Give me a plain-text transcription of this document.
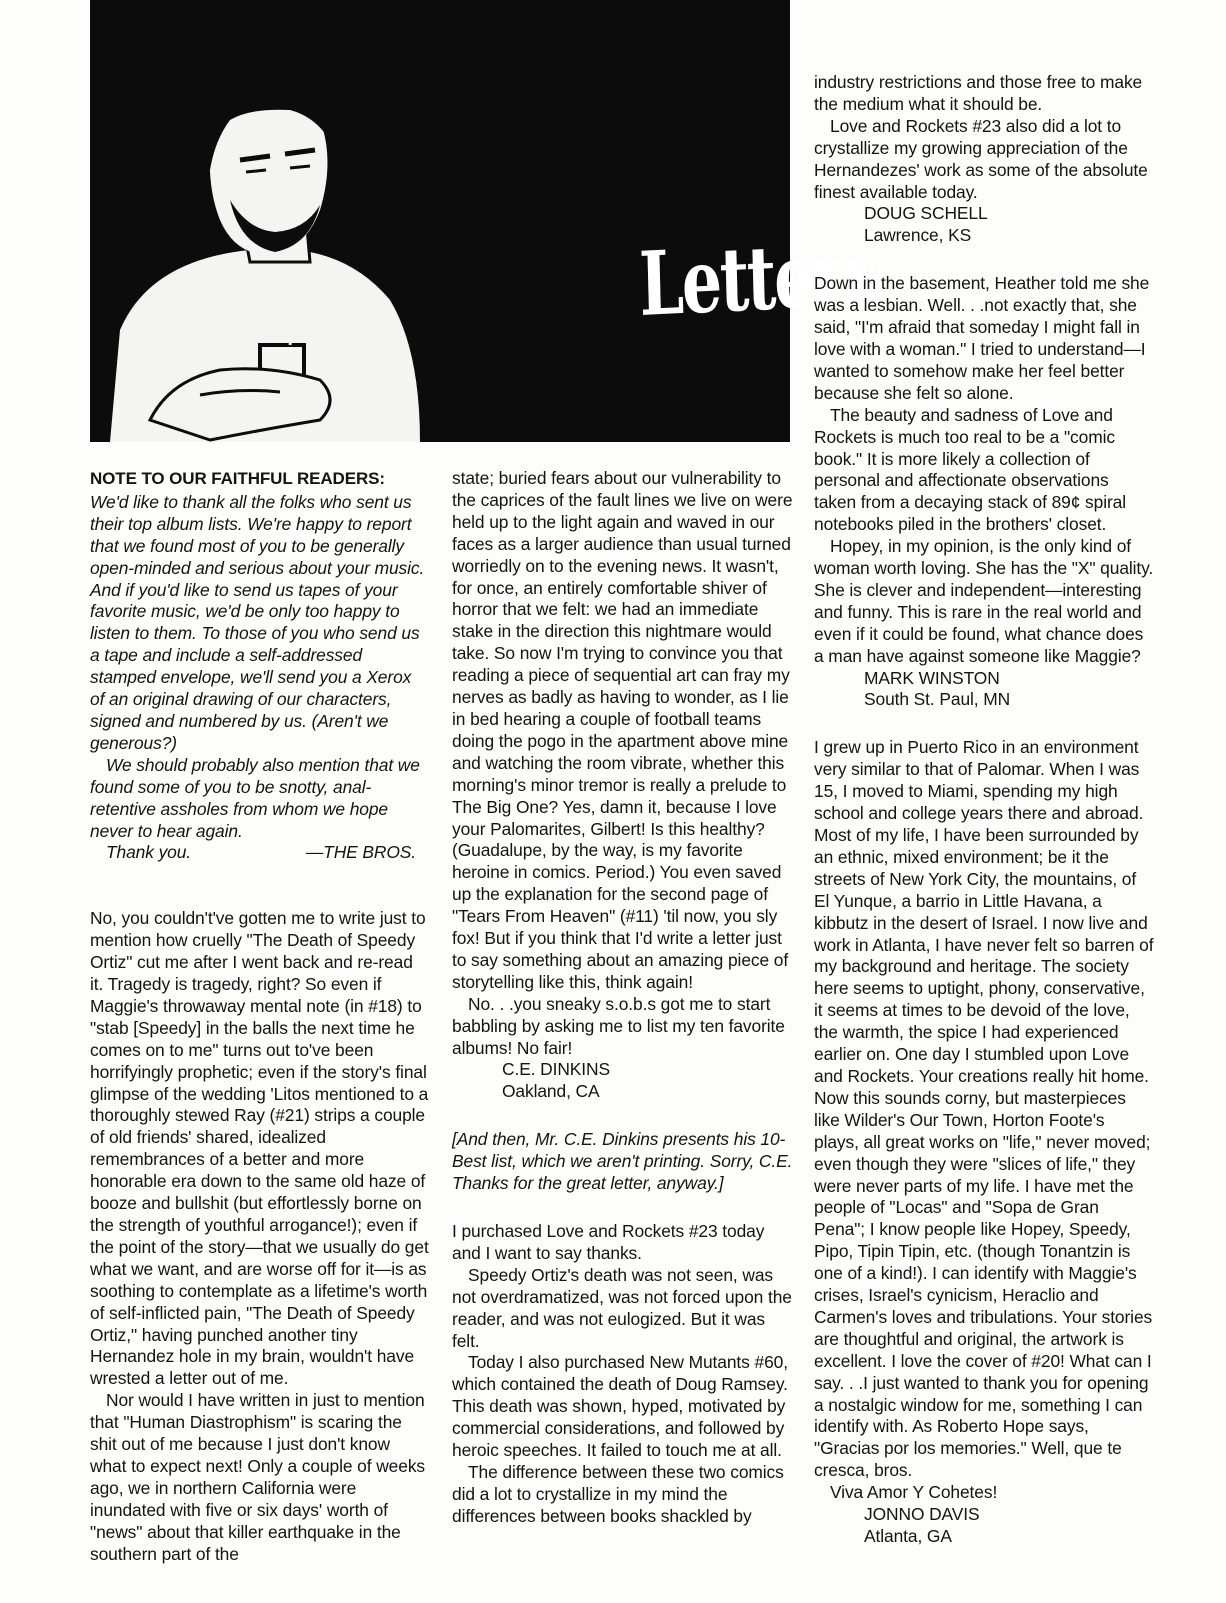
Letters

NOTE TO OUR FAITHFUL READERS:

We'd like to thank all the folks who sent us their top album lists. We're happy to report that we found most of you to be generally open-minded and serious about your music. And if you'd like to send us tapes of your favorite music, we'd be only too happy to listen to them. To those of you who send us a tape and include a self-addressed stamped envelope, we'll send you a Xerox of an original drawing of our characters, signed and numbered by us. (Aren't we generous?)

We should probably also mention that we found some of you to be snotty, anal-retentive assholes from whom we hope never to hear again.

Thank you.	—THE BROS.

No, you couldn't've gotten me to write just to mention how cruelly "The Death of Speedy Ortiz" cut me after I went back and re-read it. Tragedy is tragedy, right? So even if Maggie's throwaway mental note (in #18) to "stab [Speedy] in the balls the next time he comes on to me" turns out to've been horrifyingly prophetic; even if the story's final glimpse of the wedding 'Litos mentioned to a thoroughly stewed Ray (#21) strips a couple of old friends' shared, idealized remembrances of a better and more honorable era down to the same old haze of booze and bullshit (but effortlessly borne on the strength of youthful arrogance!); even if the point of the story—that we usually do get what we want, and are worse off for it—is as soothing to contemplate as a lifetime's worth of self-inflicted pain, "The Death of Speedy Ortiz," having punched another tiny Hernandez hole in my brain, wouldn't have wrested a letter out of me.

Nor would I have written in just to mention that "Human Diastrophism" is scaring the shit out of me because I just don't know what to expect next! Only a couple of weeks ago, we in northern California were inundated with five or six days' worth of "news" about that killer earthquake in the southern part of the

state; buried fears about our vulnerability to the caprices of the fault lines we live on were held up to the light again and waved in our faces as a larger audience than usual turned worriedly on to the evening news. It wasn't, for once, an entirely comfortable shiver of horror that we felt: we had an immediate stake in the direction this nightmare would take. So now I'm trying to convince you that reading a piece of sequential art can fray my nerves as badly as having to wonder, as I lie in bed hearing a couple of football teams doing the pogo in the apartment above mine and watching the room vibrate, whether this morning's minor tremor is really a prelude to The Big One? Yes, damn it, because I love your Palomarites, Gilbert! Is this healthy? (Guadalupe, by the way, is my favorite heroine in comics. Period.) You even saved up the explanation for the second page of "Tears From Heaven" (#11) 'til now, you sly fox! But if you think that I'd write a letter just to say something about an amazing piece of storytelling like this, think again!

No. . .you sneaky s.o.b.s got me to start babbling by asking me to list my ten favorite albums! No fair!

C.E. DINKINS

Oakland, CA

[And then, Mr. C.E. Dinkins presents his 10-Best list, which we aren't printing. Sorry, C.E. Thanks for the great letter, anyway.]

I purchased Love and Rockets #23 today and I want to say thanks.

Speedy Ortiz's death was not seen, was not overdramatized, was not forced upon the reader, and was not eulogized. But it was felt.

Today I also purchased New Mutants #60, which contained the death of Doug Ramsey. This death was shown, hyped, motivated by commercial considerations, and followed by heroic speeches. It failed to touch me at all.

The difference between these two comics did a lot to crystallize in my mind the differences between books shackled by

industry restrictions and those free to make the medium what it should be.

Love and Rockets #23 also did a lot to crystallize my growing appreciation of the Hernandezes' work as some of the absolute finest available today.

DOUG SCHELL

Lawrence, KS

Down in the basement, Heather told me she was a lesbian. Well. . .not exactly that, she said, "I'm afraid that someday I might fall in love with a woman." I tried to understand—I wanted to somehow make her feel better because she felt so alone.

The beauty and sadness of Love and Rockets is much too real to be a "comic book." It is more likely a collection of personal and affectionate observations taken from a decaying stack of 89¢ spiral notebooks piled in the brothers' closet.

Hopey, in my opinion, is the only kind of woman worth loving. She has the "X" quality. She is clever and independent—interesting and funny. This is rare in the real world and even if it could be found, what chance does a man have against someone like Maggie?

MARK WINSTON

South St. Paul, MN

I grew up in Puerto Rico in an environment very similar to that of Palomar. When I was 15, I moved to Miami, spending my high school and college years there and abroad. Most of my life, I have been surrounded by an ethnic, mixed environment; be it the streets of New York City, the mountains, of El Yunque, a barrio in Little Havana, a kibbutz in the desert of Israel. I now live and work in Atlanta, I have never felt so barren of my background and heritage. The society here seems to uptight, phony, conservative, it seems at times to be devoid of the love, the warmth, the spice I had experienced earlier on. One day I stumbled upon Love and Rockets. Your creations really hit home. Now this sounds corny, but masterpieces like Wilder's Our Town, Horton Foote's plays, all great works on "life," never moved; even though they were "slices of life," they were never parts of my life. I have met the people of "Locas" and "Sopa de Gran Pena"; I know people like Hopey, Speedy, Pipo, Tipin Tipin, etc. (though Tonantzin is one of a kind!). I can identify with Maggie's crises, Israel's cynicism, Heraclio and Carmen's loves and tribulations. Your stories are thoughtful and original, the artwork is excellent. I love the cover of #20! What can I say. . .I just wanted to thank you for opening a nostalgic window for me, something I can identify with. As Roberto Hope says, "Gracias por los memories." Well, que te cresca, bros.

Viva Amor Y Cohetes!

JONNO DAVIS

Atlanta, GA
